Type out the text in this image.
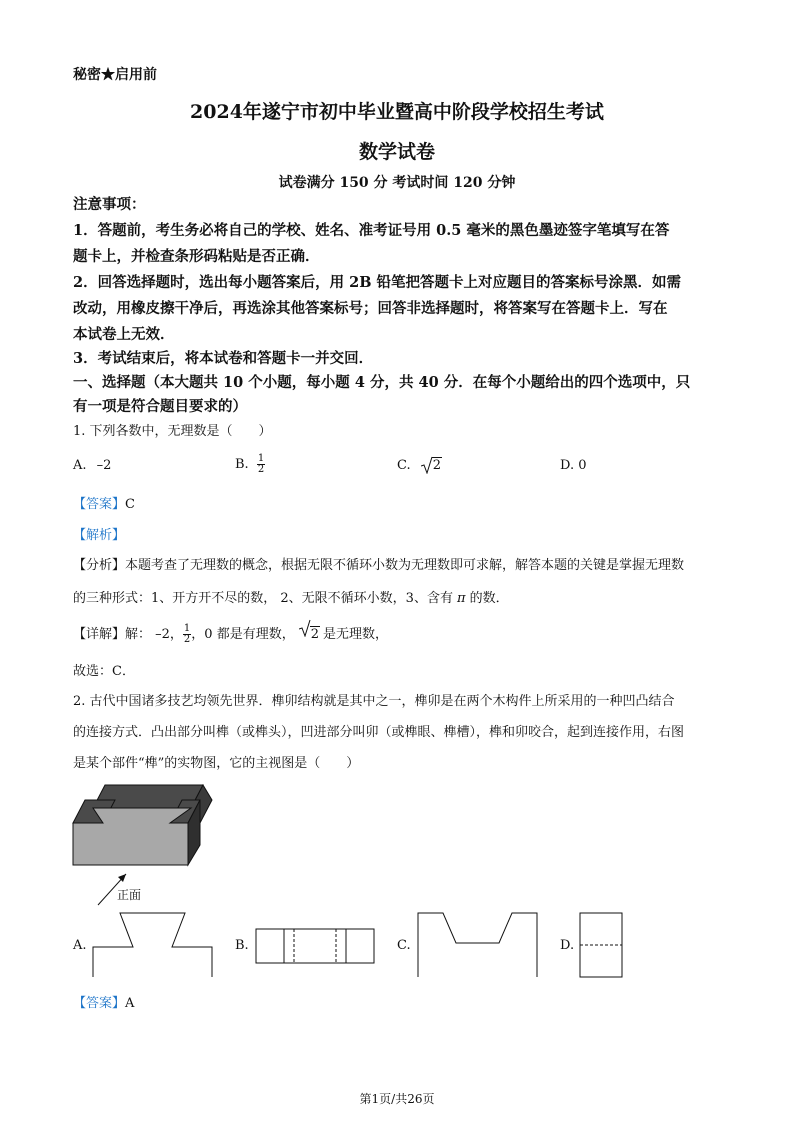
秘密★启用前
2024年遂宁市初中毕业暨高中阶段学校招生考试
数学试卷
试卷满分 150 分 考试时间 120 分钟
注意事项：
1．答题前，考生务必将自己的学校、姓名、准考证号用 0.5 毫米的黑色墨迹签字笔填写在答
题卡上，并检查条形码粘贴是否正确．
2．回答选择题时，选出每小题答案后，用 2B 铅笔把答题卡上对应题目的答案标号涂黑．如需
改动，用橡皮擦干净后，再选涂其他答案标号；回答非选择题时，将答案写在答题卡上．写在
本试卷上无效．
3．考试结束后，将本试卷和答题卡一并交回．
一、选择题（本大题共 10 个小题，每小题 4 分，共 40 分．在每个小题给出的四个选项中，只
有一项是符合题目要求的）
1. 下列各数中，无理数是（　　）
A. –2	B. $\frac{1}{2}$	C. 2	D. 0
【答案】C
【解析】
【分析】本题考查了无理数的概念，根据无限不循环小数为无理数即可求解，解答本题的关键是掌握无理数
的三种形式：1、开方开不尽的数， 2、无限不循环小数，3、含有 π 的数．
【详解】解： –2， $\frac{1}{2}$ ，0 都是有理数， 2 是无理数，
故选：C．
2. 古代中国诸多技艺均领先世界．榫卯结构就是其中之一，榫卯是在两个木构件上所采用的一种凹凸结合
的连接方式．凸出部分叫榫（或榫头），凹进部分叫卯（或榫眼、榫槽），榫和卯咬合，起到连接作用，右图
是某个部件“榫”的实物图，它的主视图是（　　）
正面
A.	B.	C.	D.
【答案】A
第1页/共26页
